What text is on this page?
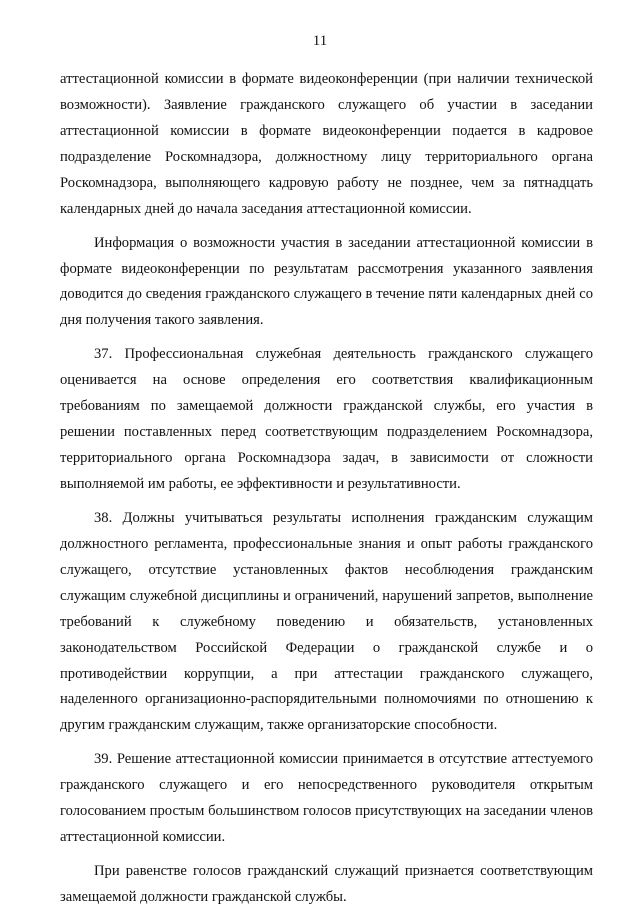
11

аттестационной комиссии в формате видеоконференции (при наличии технической возможности). Заявление гражданского служащего об участии в заседании аттестационной комиссии в формате видеоконференции подается в кадровое подразделение Роскомнадзора, должностному лицу территориального органа Роскомнадзора, выполняющего кадровую работу не позднее, чем за пятнадцать календарных дней до начала заседания аттестационной комиссии.

Информация о возможности участия в заседании аттестационной комиссии в формате видеоконференции по результатам рассмотрения указанного заявления доводится до сведения гражданского служащего в течение пяти календарных дней со дня получения такого заявления.

37. Профессиональная служебная деятельность гражданского служащего оценивается на основе определения его соответствия квалификационным требованиям по замещаемой должности гражданской службы, его участия в решении поставленных перед соответствующим подразделением Роскомнадзора, территориального органа Роскомнадзора задач, в зависимости от сложности выполняемой им работы, ее эффективности и результативности.

38. Должны учитываться результаты исполнения гражданским служащим должностного регламента, профессиональные знания и опыт работы гражданского служащего, отсутствие установленных фактов несоблюдения гражданским служащим служебной дисциплины и ограничений, нарушений запретов, выполнение требований к служебному поведению и обязательств, установленных законодательством Российской Федерации о гражданской службе и о противодействии коррупции, а при аттестации гражданского служащего, наделенного организационно-распорядительными полномочиями по отношению к другим гражданским служащим, также организаторские способности.

39. Решение аттестационной комиссии принимается в отсутствие аттестуемого гражданского служащего и его непосредственного руководителя открытым голосованием простым большинством голосов присутствующих на заседании членов аттестационной комиссии.

При равенстве голосов гражданский служащий признается соответствующим замещаемой должности гражданской службы.
